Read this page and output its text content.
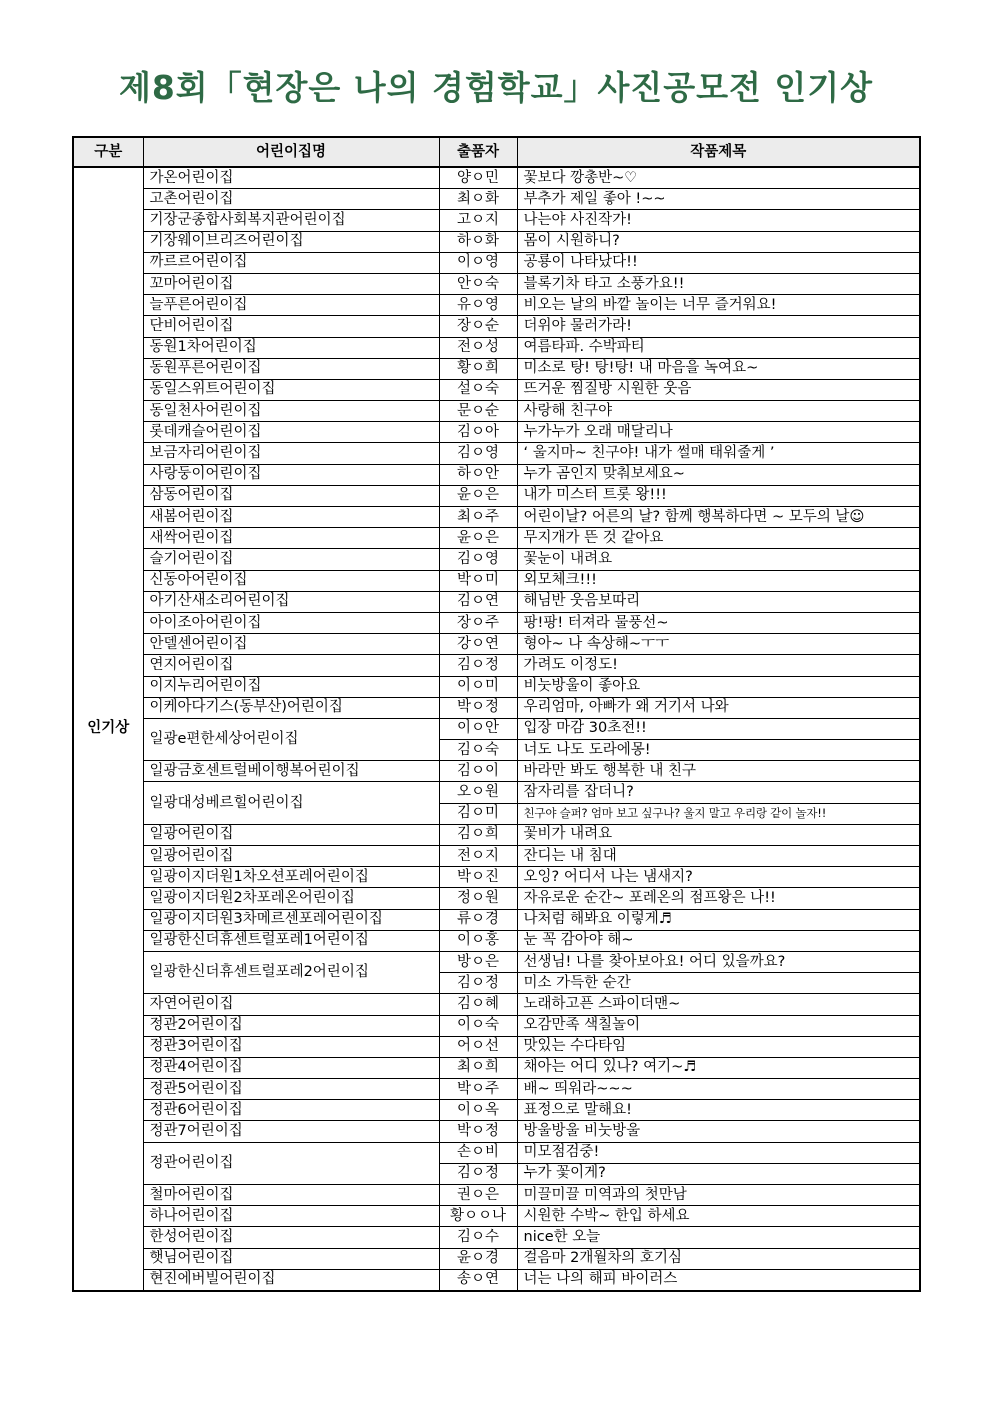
제8회「현장은 나의 경험학교」사진공모전 인기상
구분	어린이집명	출품자	작품제목
인기상	가온어린이집	양ㅇ민	꽃보다 깡총반~♡
	고촌어린이집	최ㅇ화	부추가 제일 좋아 !~~
	기장군종합사회복지관어린이집	고ㅇ지	나는야 사진작가!
	기장웨이브리즈어린이집	하ㅇ화	몸이 시원하니?
	까르르어린이집	이ㅇ영	공룡이 나타났다!!
	꼬마어린이집	안ㅇ숙	블록기차 타고 소풍가요!!
	늘푸른어린이집	유ㅇ영	비오는 날의 바깥 놀이는 너무 즐거워요!
	단비어린이집	장ㅇ순	더위야 물러가라!
	동원1차어린이집	전ㅇ성	여름타파. 수박파티
	동원푸른어린이집	황ㅇ희	미소로 탕! 탕!탕! 내 마음을 녹여요~
	동일스위트어린이집	설ㅇ숙	뜨거운 찜질방 시원한 웃음
	동일천사어린이집	문ㅇ순	사랑해 친구야
	롯데캐슬어린이집	김ㅇ아	누가누가 오래 매달리나
	보금자리어린이집	김ㅇ영	‘ 울지마~ 친구야! 내가 썰매 태워줄게 ’
	사랑둥이어린이집	하ㅇ안	누가 곰인지 맞춰보세요~
	삼동어린이집	윤ㅇ은	내가 미스터 트롯 왕!!!
	새봄어린이집	최ㅇ주	어린이날? 어른의 날? 함께 행복하다면 ~ 모두의 날☺
	새싹어린이집	윤ㅇ은	무지개가 뜬 것 같아요
	슬기어린이집	김ㅇ영	꽃눈이 내려요
	신동아어린이집	박ㅇ미	외모체크!!!
	아기산새소리어린이집	김ㅇ연	해님반 웃음보따리
	아이조아어린이집	장ㅇ주	팡!팡! 터져라 물풍선~
	안델센어린이집	강ㅇ연	형아~ 나 속상해~ㅜㅜ
	연지어린이집	김ㅇ정	가려도 이정도!
	이지누리어린이집	이ㅇ미	비눗방울이 좋아요
	이케아다기스(동부산)어린이집	박ㅇ정	우리엄마, 아빠가 왜 거기서 나와
	일광e편한세상어린이집	이ㅇ안	입장 마감 30초전!!
		김ㅇ숙	너도 나도 도라에몽!
	일광금호센트럴베이행복어린이집	김ㅇ이	바라만 봐도 행복한 내 친구
	일광대성베르힐어린이집	오ㅇ원	잠자리를 잡더니?
		김ㅇ미	친구야 슬퍼? 엄마 보고 싶구나? 울지 말고 우리랑 같이 놀자!!
	일광어린이집	김ㅇ희	꽃비가 내려요
	일광어린이집	전ㅇ지	잔디는 내 침대
	일광이지더원1차오션포레어린이집	박ㅇ진	오잉? 어디서 나는 냄새지?
	일광이지더원2차포레온어린이집	정ㅇ원	자유로운 순간~ 포레온의 점프왕은 나!!
	일광이지더원3차메르센포레어린이집	류ㅇ경	나처럼 해봐요 이렇게♬
	일광한신더휴센트럴포레1어린이집	이ㅇ홍	눈 꼭 감아야 해~
	일광한신더휴센트럴포레2어린이집	방ㅇ은	선생님! 나를 찾아보아요! 어디 있을까요?
		김ㅇ정	미소 가득한 순간
	자연어린이집	김ㅇ혜	노래하고픈 스파이더맨~
	정관2어린이집	이ㅇ숙	오감만족 색칠놀이
	정관3어린이집	어ㅇ선	맛있는 수다타임
	정관4어린이집	최ㅇ희	채아는 어디 있나? 여기~♬
	정관5어린이집	박ㅇ주	배~ 띄워라~~~
	정관6어린이집	이ㅇ옥	표정으로 말해요!
	정관7어린이집	박ㅇ정	방울방울 비눗방울
	정관어린이집	손ㅇ비	미모점검중!
		김ㅇ정	누가 꽃이게?
	철마어린이집	권ㅇ은	미끌미끌 미역과의 첫만남
	하나어린이집	황ㅇㅇ나	시원한 수박~ 한입 하세요
	한성어린이집	김ㅇ수	nice한 오늘
	햇님어린이집	윤ㅇ경	걸음마 2개월차의 호기심
	현진에버빌어린이집	송ㅇ연	너는 나의 해피 바이러스
